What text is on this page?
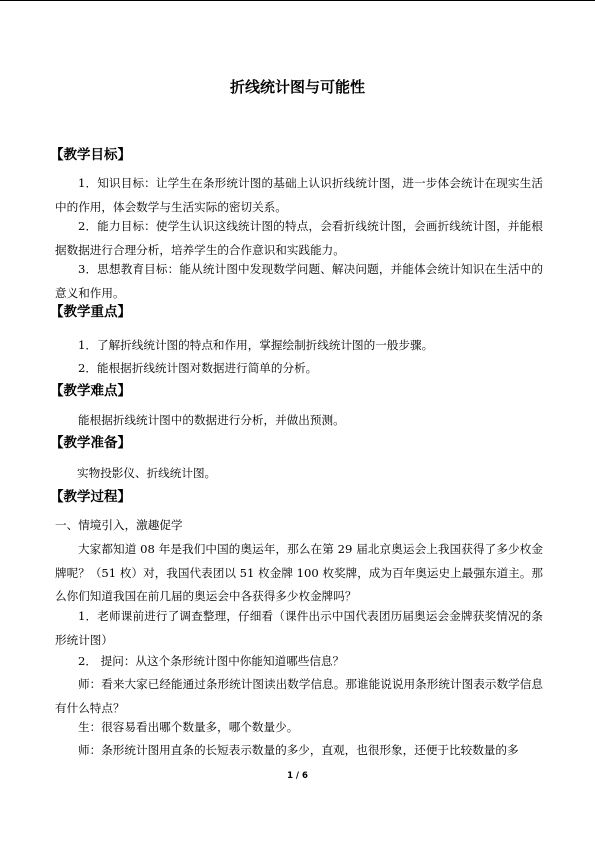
折线统计图与可能性
【教学目标】
1．知识目标：让学生在条形统计图的基础上认识折线统计图，进一步体会统计在现实生活中的作用，体会数学与生活实际的密切关系。
2．能力目标：使学生认识这线统计图的特点，会看折线统计图，会画折线统计图，并能根据数据进行合理分析，培养学生的合作意识和实践能力。
3．思想教育目标：能从统计图中发现数学问题、解决问题，并能体会统计知识在生活中的意义和作用。
【教学重点】
1．了解折线统计图的特点和作用，掌握绘制折线统计图的一般步骤。
2．能根据折线统计图对数据进行简单的分析。
【教学难点】
能根据折线统计图中的数据进行分析，并做出预测。
【教学准备】
实物投影仪、折线统计图。
【教学过程】
一、情境引入，激趣促学
大家都知道 08 年是我们中国的奥运年，那么在第 29 届北京奥运会上我国获得了多少枚金牌呢？（51 枚）对，我国代表团以 51 枚金牌 100 枚奖牌，成为百年奥运史上最强东道主。那么你们知道我国在前几届的奥运会中各获得多少枚金牌吗？
1．老师课前进行了调查整理，仔细看（课件出示中国代表团历届奥运会金牌获奖情况的条形统计图）
2． 提问：从这个条形统计图中你能知道哪些信息？
师：看来大家已经能通过条形统计图读出数学信息。那谁能说说用条形统计图表示数学信息有什么特点？
生：很容易看出哪个数量多，哪个数量少。
师：条形统计图用直条的长短表示数量的多少，直观，也很形象，还便于比较数量的多
1 / 6
